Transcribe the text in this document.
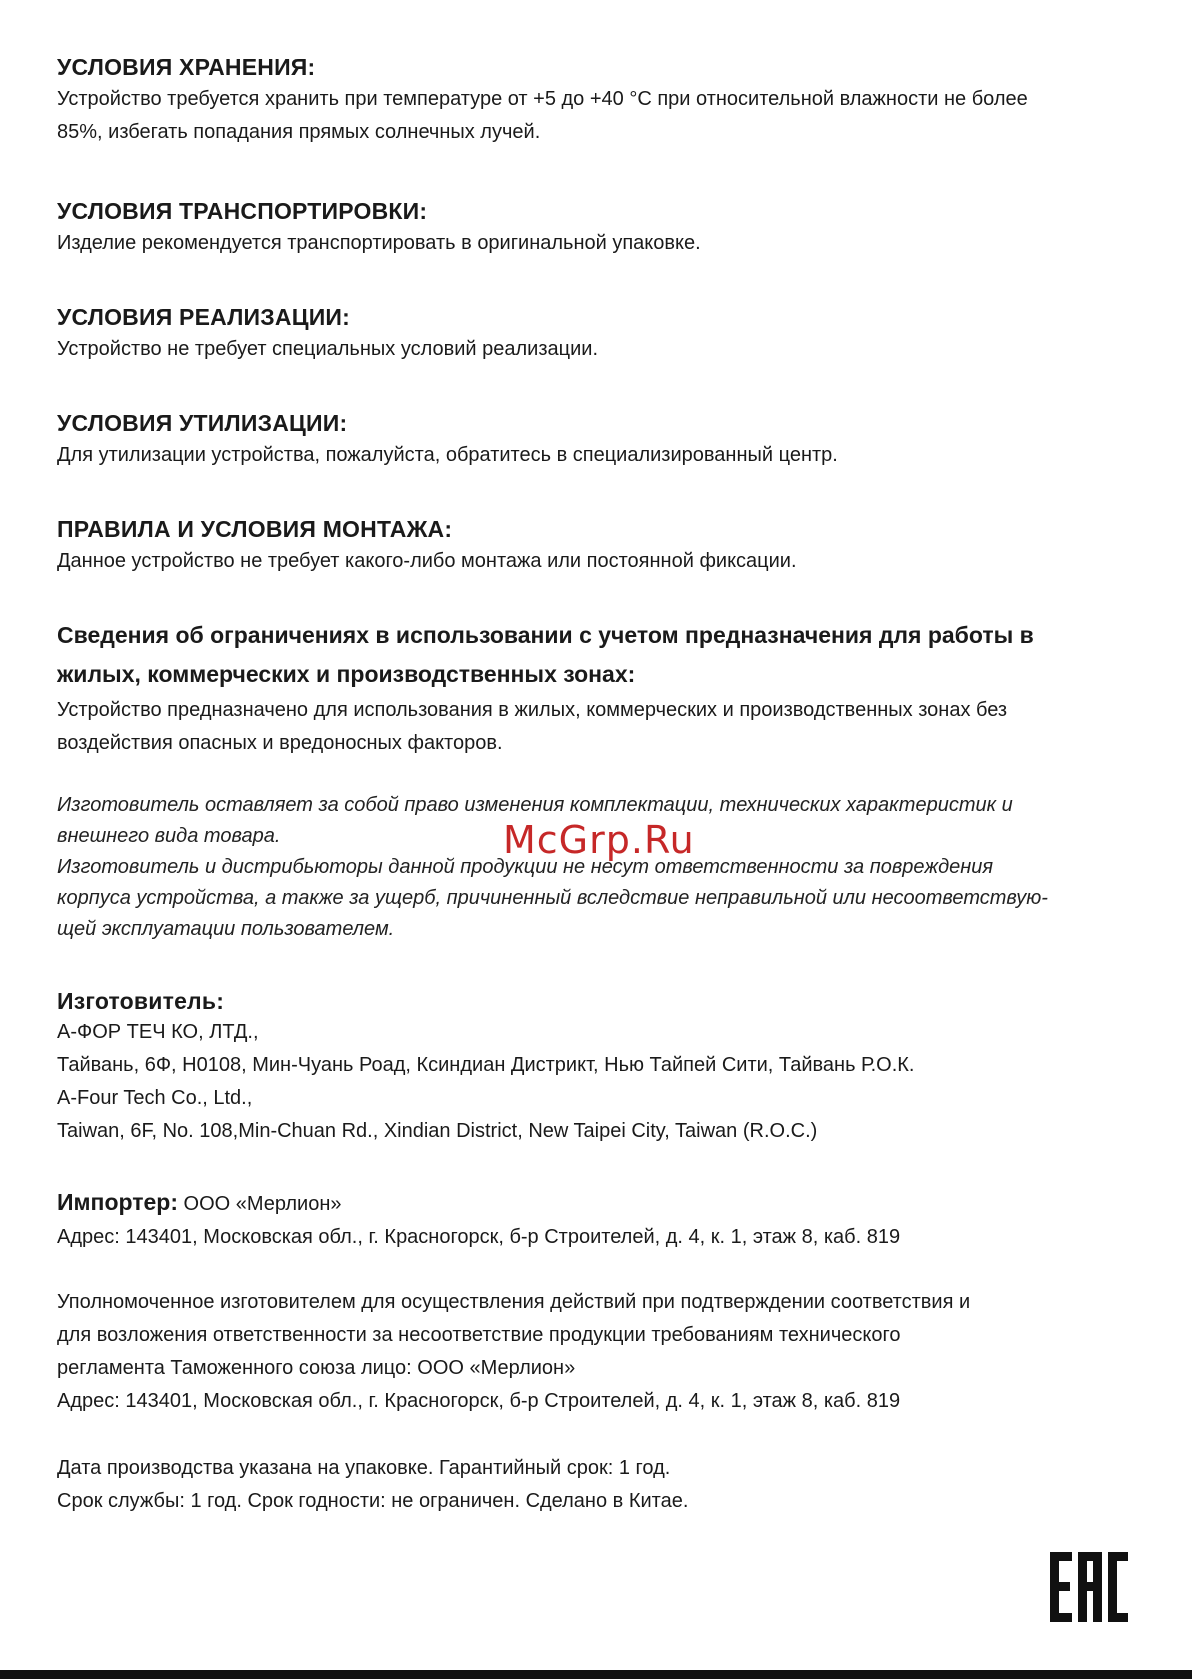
УСЛОВИЯ ХРАНЕНИЯ:

Устройство требуется хранить при температуре от +5 до +40 °С при относительной влажности не более

85%, избегать попадания прямых солнечных лучей.

УСЛОВИЯ ТРАНСПОРТИРОВКИ:

Изделие рекомендуется транспортировать в оригинальной упаковке.

УСЛОВИЯ РЕАЛИЗАЦИИ:

Устройство не требует специальных условий реализации.

УСЛОВИЯ УТИЛИЗАЦИИ:

Для утилизации устройства, пожалуйста, обратитесь в специализированный центр.

ПРАВИЛА И УСЛОВИЯ МОНТАЖА:

Данное устройство не требует какого-либо монтажа или постоянной фиксации.

Сведения об ограничениях в использовании с учетом предназначения для работы в

жилых, коммерческих и производственных зонах:

Устройство предназначено для использования в жилых, коммерческих и производственных зонах без

воздействия опасных и вредоносных факторов.

Изготовитель оставляет за собой право изменения комплектации, технических характеристик и

внешнего вида товара.

Изготовитель и дистрибьюторы данной продукции не несут ответственности за повреждения

корпуса устройства, а также за ущерб, причиненный вследствие неправильной или несоответствую-

щей эксплуатации пользователем.

Изготовитель:

А-ФОР ТЕЧ КО, ЛТД.,

Тайвань, 6Ф, Н0108, Мин-Чуань Роад, Ксиндиан Дистрикт, Нью Тайпей Сити, Тайвань Р.О.К.

A-Four Tech Co., Ltd.,

Taiwan, 6F, No. 108,Min-Chuan Rd., Xindian District, New Taipei City, Taiwan (R.O.C.)

Импортер: ООО «Мерлион»

Адрес: 143401, Московская обл., г. Красногорск, б-р Строителей, д. 4, к. 1, этаж 8, каб. 819

Уполномоченное изготовителем для осуществления действий при подтверждении соответствия и

для возложения ответственности за несоответствие продукции требованиям технического

регламента Таможенного союза лицо: ООО «Мерлион»

Адрес: 143401, Московская обл., г. Красногорск, б-р Строителей, д. 4, к. 1, этаж 8, каб. 819

Дата производства указана на упаковке. Гарантийный срок: 1 год.

Срок службы: 1 год. Срок годности: не ограничен. Сделано в Китае.

McGrp.Ru
